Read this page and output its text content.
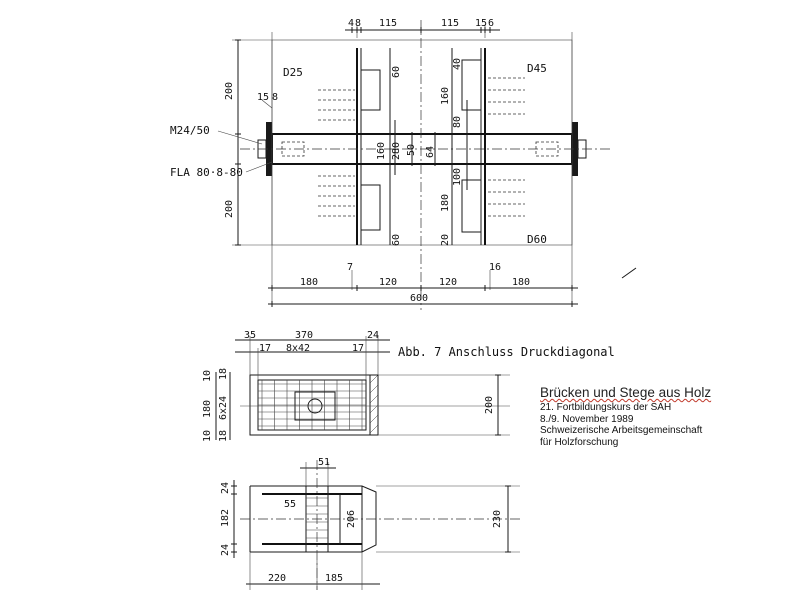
D25	D45
D60
M24/50
FLA 80·8-80
4 8 115	115 15 6
200 15 8
200
180	120	120	180
600
60
160 280
60
40
160
80
50 64
100
180
20
7	16
Abb. 7 Anschluss Druckdiagonal
35	370	24
17 8x42	17
10 18
180 6x24
10 18
200
51
24
182
24
55
206	230
220	185

Brücken und Stege aus Holz

21. Fortbildungskurs der SAH

8./9. November 1989

Schweizerische Arbeitsgemeinschaft

für Holzforschung
